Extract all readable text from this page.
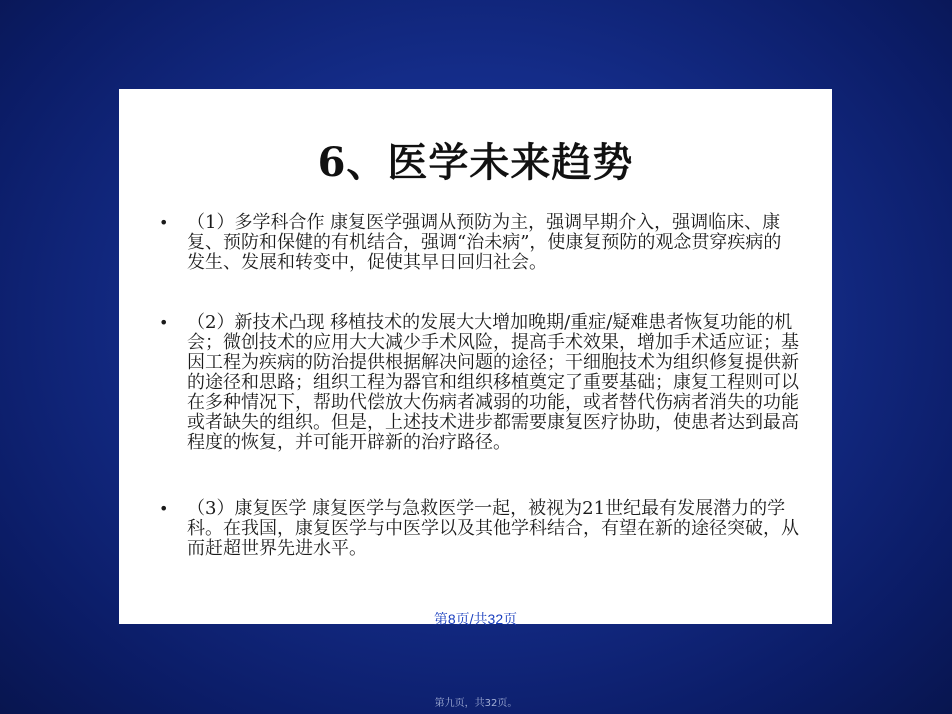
6、医学未来趋势
• （1）多学科合作 康复医学强调从预防为主，强调早期介入，强调临床、康复、预防和保健的有机结合，强调“治未病”，使康复预防的观念贯穿疾病的发生、发展和转变中，促使其早日回归社会。
• （2）新技术凸现 移植技术的发展大大增加晚期/重症/疑难患者恢复功能的机会；微创技术的应用大大减少手术风险，提高手术效果，增加手术适应证；基因工程为疾病的防治提供根据解决问题的途径；干细胞技术为组织修复提供新的途径和思路；组织工程为器官和组织移植奠定了重要基础；康复工程则可以在多种情况下，帮助代偿放大伤病者减弱的功能，或者替代伤病者消失的功能或者缺失的组织。但是，上述技术进步都需要康复医疗协助，使患者达到最高程度的恢复，并可能开辟新的治疗路径。
• （3）康复医学 康复医学与急救医学一起，被视为21世纪最有发展潜力的学科。在我国，康复医学与中医学以及其他学科结合，有望在新的途径突破，从而赶超世界先进水平。
第8页/共32页
第九页，共32页。
